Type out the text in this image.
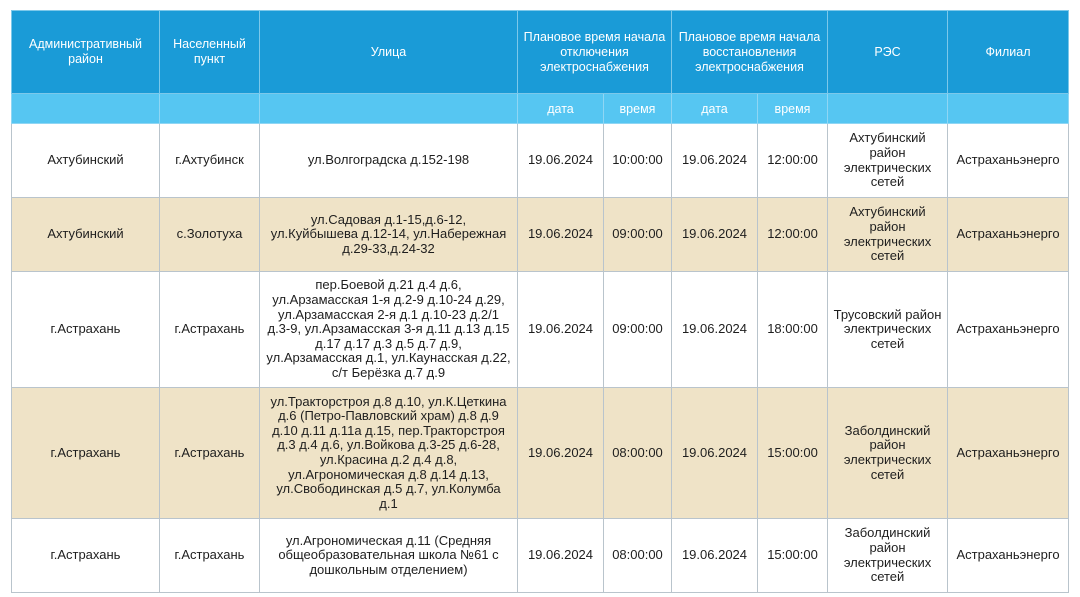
Административный район	Населенный пункт	Улица	Плановое время начала отключения электроснабжения		Плановое время начала восстановления электроснабжения		РЭС	Филиал
			дата	время	дата	время		
Ахтубинский	г.Ахтубинск	ул.Волгоградска д.152-198	19.06.2024	10:00:00	19.06.2024	12:00:00	Ахтубинский район электрических сетей	Астраханьэнерго
Ахтубинский	с.Золотуха	ул.Садовая д.1-15,д.6-12, ул.Куйбышева д.12-14, ул.Набережная д.29-33,д.24-32	19.06.2024	09:00:00	19.06.2024	12:00:00	Ахтубинский район электрических сетей	Астраханьэнерго
г.Астрахань	г.Астрахань	пер.Боевой д.21 д.4 д.6, ул.Арзамасская 1-я д.2-9 д.10-24 д.29, ул.Арзамасская 2-я д.1 д.10-23 д.2/1 д.3-9, ул.Арзамасская 3-я д.11 д.13 д.15 д.17 д.17 д.3 д.5 д.7 д.9, ул.Арзамасская д.1, ул.Каунасская д.22, с/т Берёзка д.7 д.9	19.06.2024	09:00:00	19.06.2024	18:00:00	Трусовский район электрических сетей	Астраханьэнерго
г.Астрахань	г.Астрахань	ул.Тракторстроя д.8 д.10, ул.К.Цеткина д.6 (Петро-Павловский храм) д.8 д.9 д.10 д.11 д.11а д.15, пер.Тракторстроя д.3 д.4 д.6, ул.Войкова д.3-25 д.6-28, ул.Красина д.2 д.4 д.8, ул.Агрономическая д.8 д.14 д.13, ул.Свободинская д.5 д.7, ул.Колумба д.1	19.06.2024	08:00:00	19.06.2024	15:00:00	Заболдинский район электрических сетей	Астраханьэнерго
г.Астрахань	г.Астрахань	ул.Агрономическая д.11 (Средняя общеобразовательная школа №61 с дошкольным отделением)	19.06.2024	08:00:00	19.06.2024	15:00:00	Заболдинский район электрических сетей	Астраханьэнерго
